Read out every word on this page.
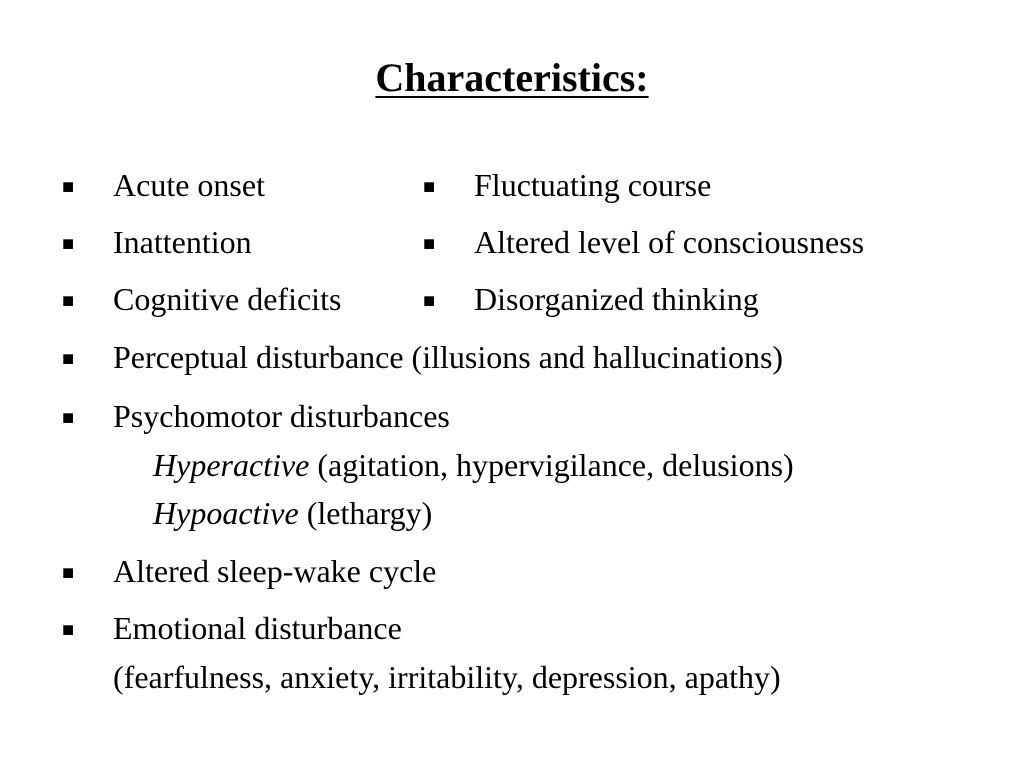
Characteristics:
■ Acute onset	■ Fluctuating course
■ Inattention	■ Altered level of consciousness
■ Cognitive deficits	■ Disorganized thinking
■ Perceptual disturbance (illusions and hallucinations)
■ Psychomotor disturbances
Hyperactive (agitation, hypervigilance, delusions)
Hypoactive (lethargy)
■ Altered sleep-wake cycle
■ Emotional disturbance
(fearfulness, anxiety, irritability, depression, apathy)
